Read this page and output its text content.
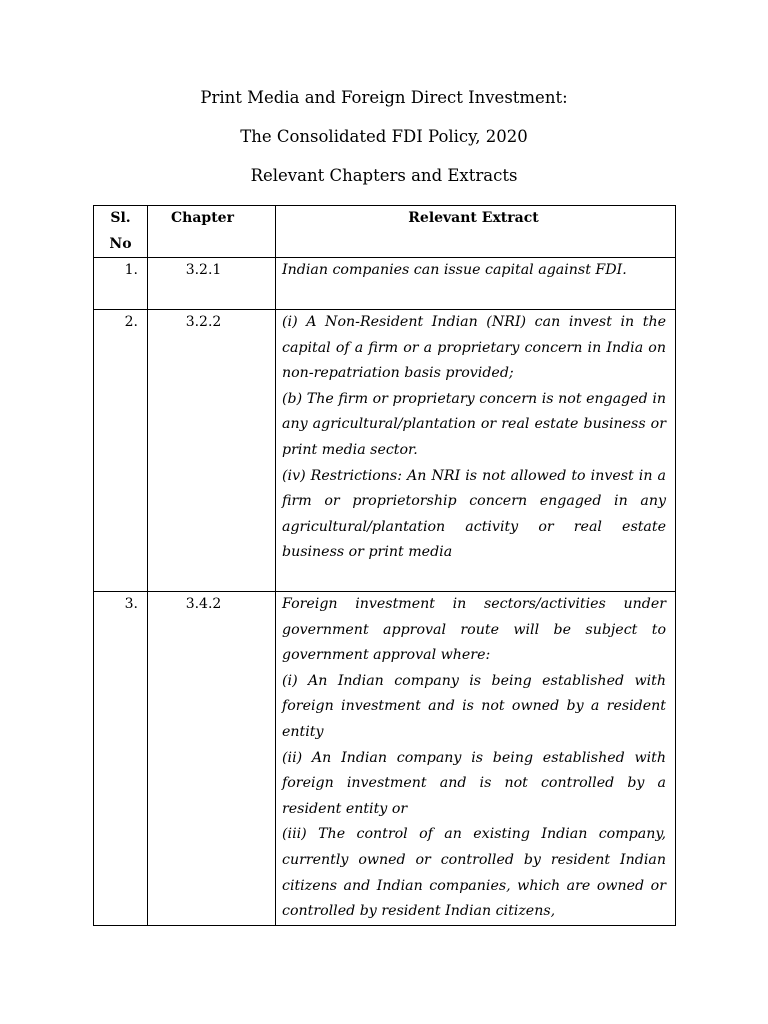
Print Media and Foreign Direct Investment:
The Consolidated FDI Policy, 2020
Relevant Chapters and Extracts
Sl.
No	Chapter	Relevant Extract
1.	3.2.1	Indian companies can issue capital against FDI.

2.	3.2.2	(i) A Non-Resident Indian (NRI) can invest in the capital of a firm or a proprietary concern in India on non-repatriation basis provided;

(b) The firm or proprietary concern is not engaged in any agricultural/plantation or real estate business or print media sector.

(iv) Restrictions: An NRI is not allowed to invest in a firm or proprietorship concern engaged in any agricultural/plantation activity or real estate business or print media

3.	3.4.2	Foreign investment in sectors/activities under government approval route will be subject to government approval where:

(i) An Indian company is being established with foreign investment and is not owned by a resident entity

(ii) An Indian company is being established with foreign investment and is not controlled by a resident entity or

(iii) The control of an existing Indian company, currently owned or controlled by resident Indian citizens and Indian companies, which are owned or controlled by resident Indian citizens,
